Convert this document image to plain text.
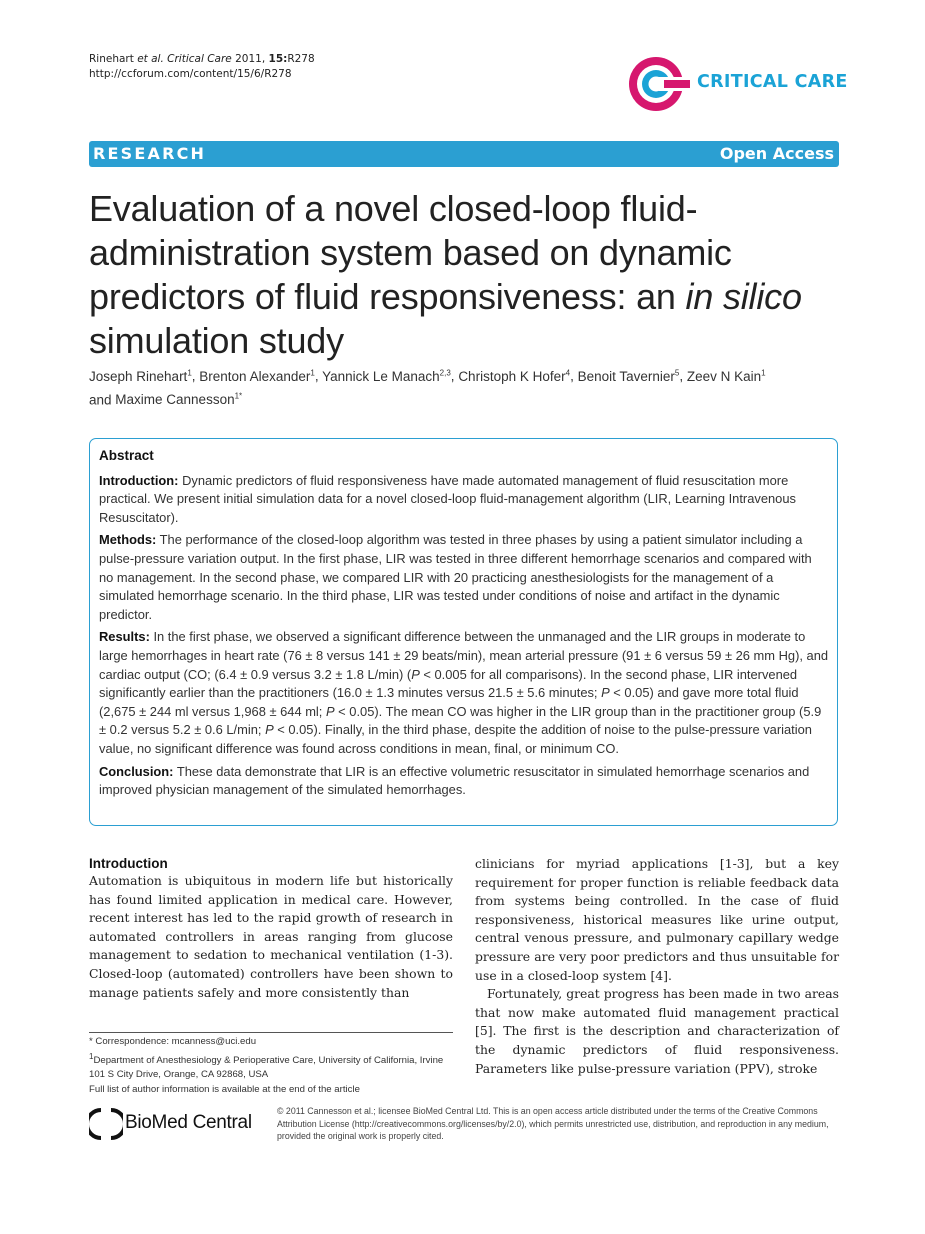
Rinehart et al. Critical Care 2011, 15:R278
http://ccforum.com/content/15/6/R278	CRITICAL CARE
RESEARCH	Open Access
Evaluation of a novel closed-loop fluid-
administration system based on dynamic
predictors of fluid responsiveness: an in silico
simulation study
Joseph Rinehart$^1$, Brenton Alexander$^1$, Yannick Le Manach$^{2,3}$, Christoph K Hofer$^4$, Benoit Tavernier$^5$, Zeev N Kain$^1$
and Maxime Cannesson$^{1*}$
Abstract

Introduction: Dynamic predictors of fluid responsiveness have made automated management of fluid resuscitation more practical. We present initial simulation data for a novel closed-loop fluid-management algorithm (LIR, Learning Intravenous Resuscitator).

Methods: The performance of the closed-loop algorithm was tested in three phases by using a patient simulator including a pulse-pressure variation output. In the first phase, LIR was tested in three different hemorrhage scenarios and compared with no management. In the second phase, we compared LIR with 20 practicing anesthesiologists for the management of a simulated hemorrhage scenario. In the third phase, LIR was tested under conditions of noise and artifact in the dynamic predictor.

Results: In the first phase, we observed a significant difference between the unmanaged and the LIR groups in moderate to large hemorrhages in heart rate (76 ± 8 versus 141 ± 29 beats/min), mean arterial pressure (91 ± 6 versus 59 ± 26 mm Hg), and cardiac output (CO; (6.4 ± 0.9 versus 3.2 ± 1.8 L/min) (P < 0.005 for all comparisons). In the second phase, LIR intervened significantly earlier than the practitioners (16.0 ± 1.3 minutes versus 21.5 ± 5.6 minutes; P < 0.05) and gave more total fluid (2,675 ± 244 ml versus 1,968 ± 644 ml; P < 0.05). The mean CO was higher in the LIR group than in the practitioner group (5.9 ± 0.2 versus 5.2 ± 0.6 L/min; P < 0.05). Finally, in the third phase, despite the addition of noise to the pulse-pressure variation value, no significant difference was found across conditions in mean, final, or minimum CO.

Conclusion: These data demonstrate that LIR is an effective volumetric resuscitator in simulated hemorrhage scenarios and improved physician management of the simulated hemorrhages.

Introduction

Automation is ubiquitous in modern life but historically has found limited application in medical care. However, recent interest has led to the rapid growth of research in automated controllers in areas ranging from glucose management to sedation to mechanical ventilation (1-3). Closed-loop (automated) controllers have been shown to manage patients safely and more consistently than

clinicians for myriad applications [1-3], but a key requirement for proper function is reliable feedback data from systems being controlled. In the case of fluid responsiveness, historical measures like urine output, central venous pressure, and pulmonary capillary wedge pressure are very poor predictors and thus unsuitable for use in a closed-loop system [4].

Fortunately, great progress has been made in two areas that now make automated fluid management practical [5]. The first is the description and characterization of the dynamic predictors of fluid responsiveness. Parameters like pulse-pressure variation (PPV), stroke

* Correspondence: mcanness@uci.edu

$^1$Department of Anesthesiology & Perioperative Care, University of California, Irvine 101 S City Drive, Orange, CA 92868, USA

Full list of author information is available at the end of the article

BioMed Central
© 2011 Cannesson et al.; licensee BioMed Central Ltd. This is an open access article distributed under the terms of the Creative Commons Attribution License (http://creativecommons.org/licenses/by/2.0), which permits unrestricted use, distribution, and reproduction in any medium, provided the original work is properly cited.
